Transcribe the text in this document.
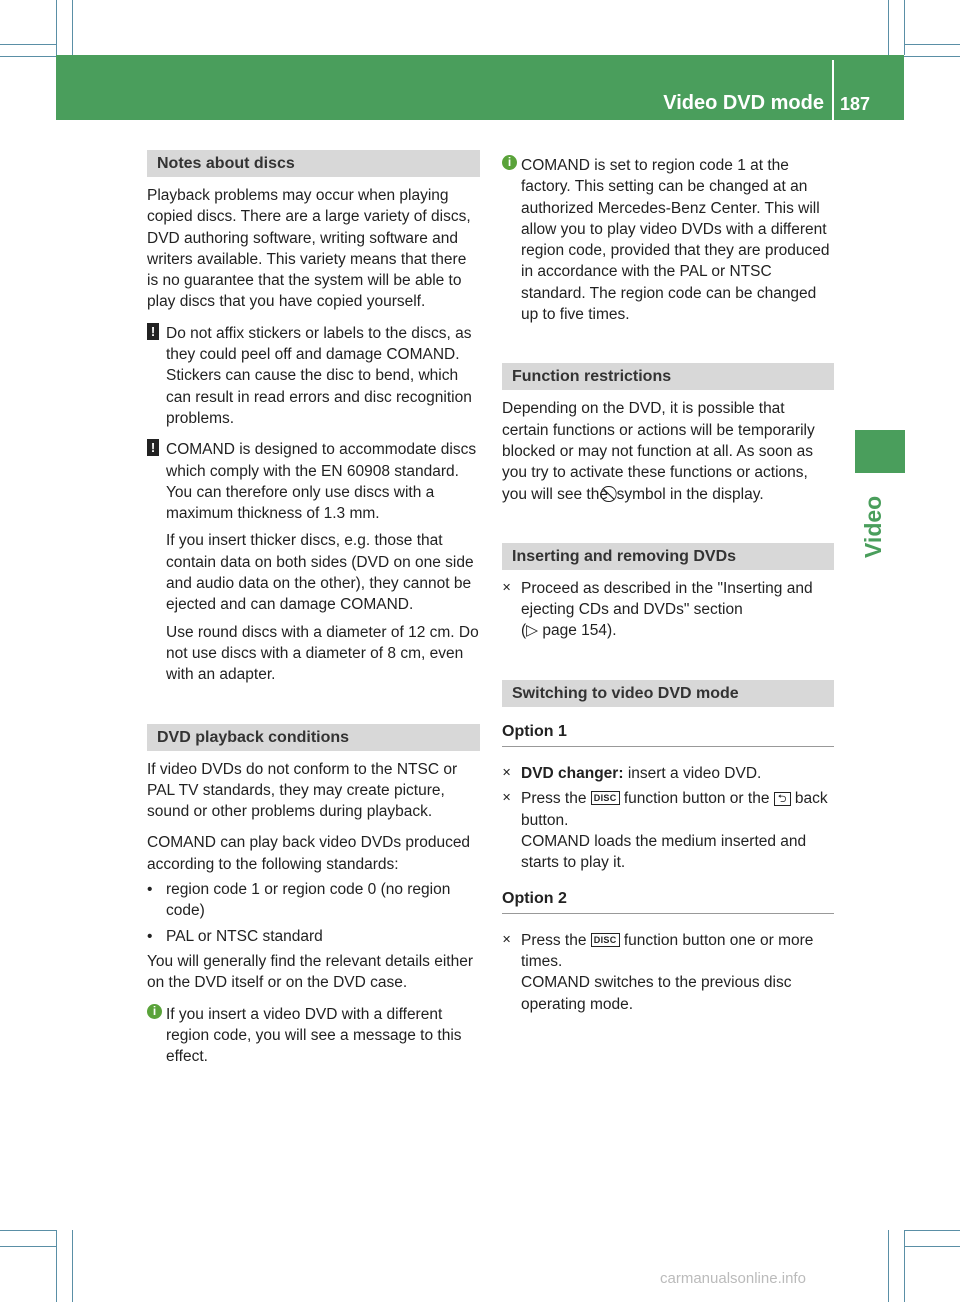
Video DVD mode 187
Video
Notes about discs

Playback problems may occur when playing copied discs. There are a large variety of discs, DVD authoring software, writing software and writers available. This variety means that there is no guarantee that the system will be able to play discs that you have copied yourself.

! Do not affix stickers or labels to the discs, as they could peel off and damage COMAND. Stickers can cause the disc to bend, which can result in read errors and disc recognition problems.
! COMAND is designed to accommodate discs which comply with the EN 60908 standard. You can therefore only use discs with a maximum thickness of 1.3 mm.
If you insert thicker discs, e.g. those that contain data on both sides (DVD on one side and audio data on the other), they cannot be ejected and can damage COMAND.
Use round discs with a diameter of 12 cm. Do not use discs with a diameter of 8 cm, even with an adapter.
DVD playback conditions

If video DVDs do not conform to the NTSC or PAL TV standards, they may create picture, sound or other problems during playback.

COMAND can play back video DVDs produced according to the following standards:

• region code 1 or region code 0 (no region code)
• PAL or NTSC standard

You will generally find the relevant details either on the DVD itself or on the DVD case.

i If you insert a video DVD with a different region code, you will see a message to this effect.
i COMAND is set to region code 1 at the factory. This setting can be changed at an authorized Mercedes-Benz Center. This will allow you to play video DVDs with a different region code, provided that they are produced in accordance with the PAL or NTSC standard. The region code can be changed up to five times.
Function restrictions

Depending on the DVD, it is possible that certain functions or actions will be temporarily blocked or may not function at all. As soon as you try to activate these functions or actions, you will see the symbol in the display.

Inserting and removing DVDs
✕ Proceed as described in the "Inserting and ejecting CDs and DVDs" section
(▷ page 154).
Switching to video DVD mode
Option 1
✕ DVD changer: insert a video DVD.
✕ Press the DISC function button or the ⮌ back button.
COMAND loads the medium inserted and starts to play it.
Option 2
✕ Press the DISC function button one or more times.
COMAND switches to the previous disc operating mode.
carmanualsonline.info
